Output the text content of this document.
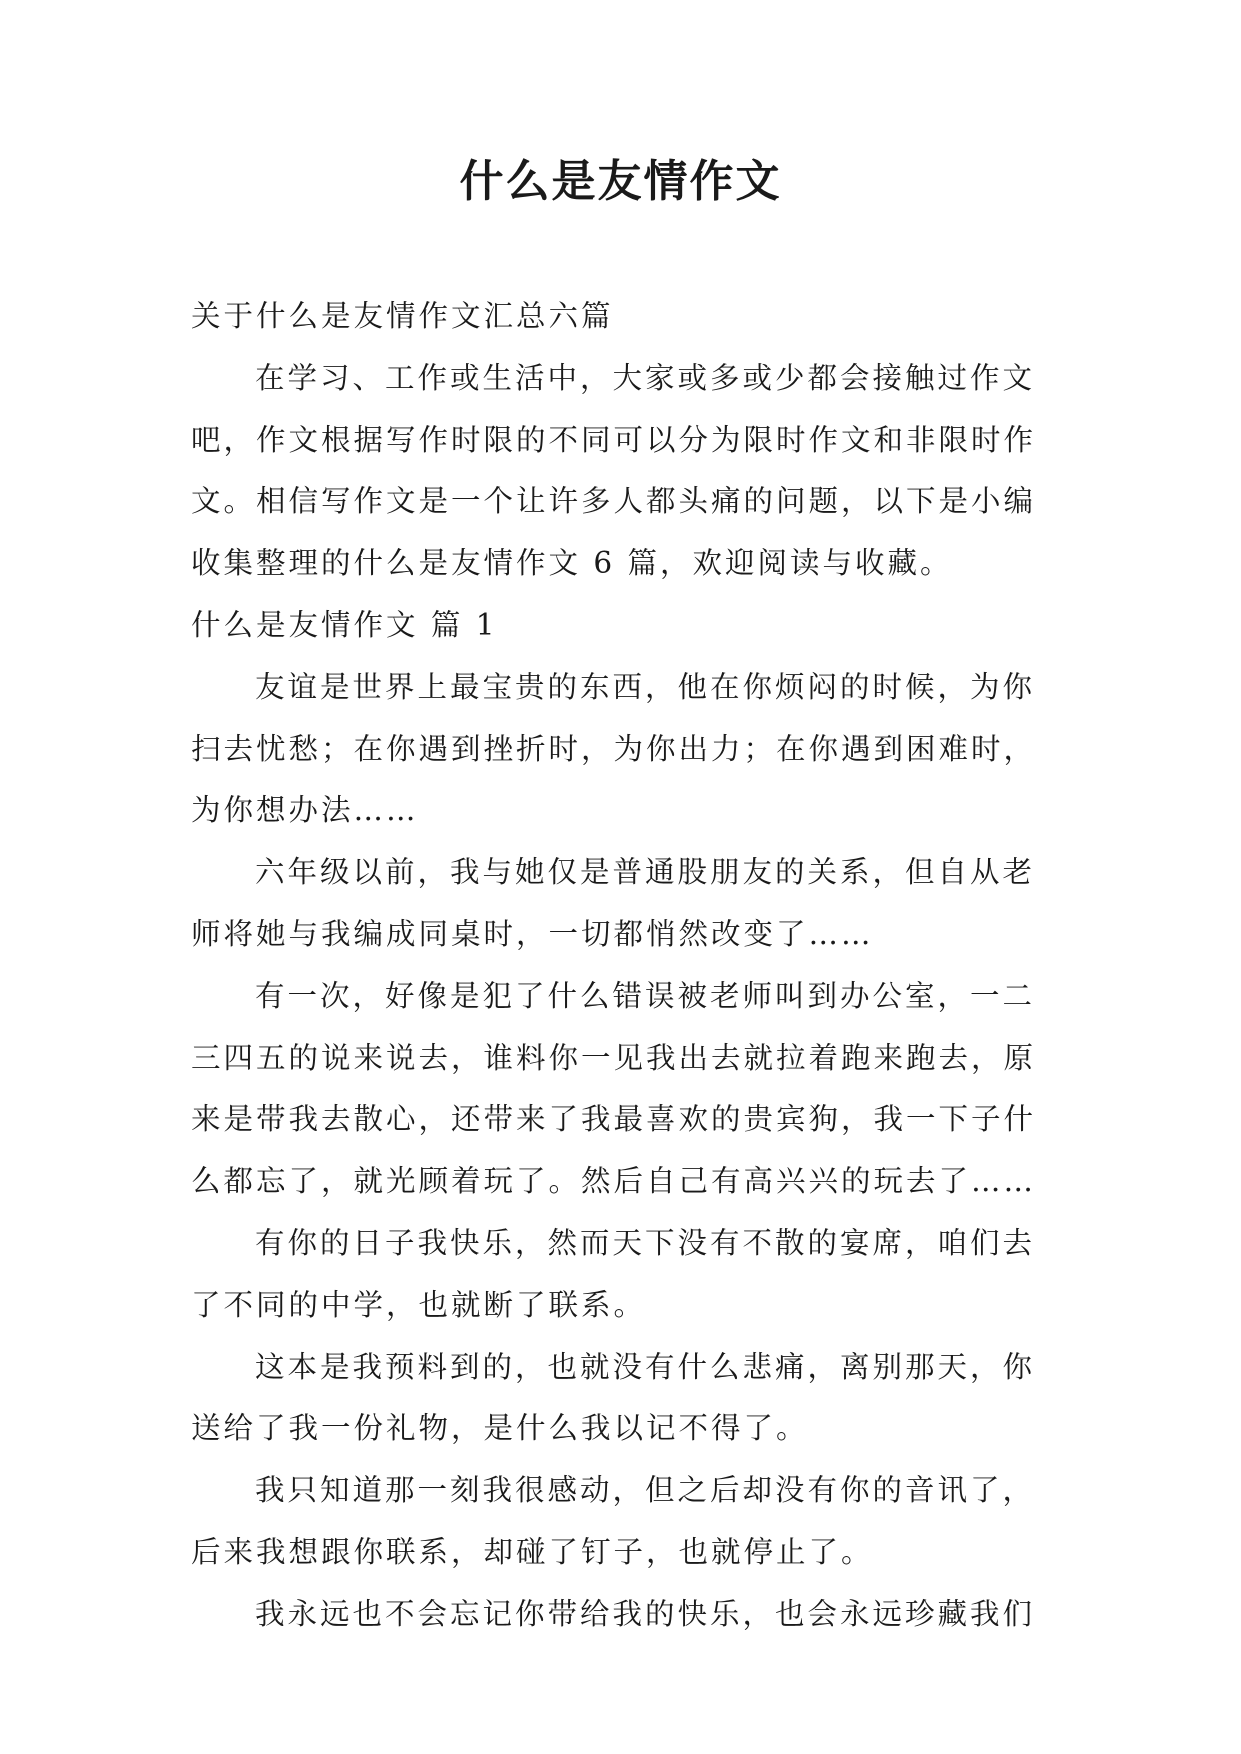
什么是友情作文

关于什么是友情作文汇总六篇

在学习、工作或生活中，大家或多或少都会接触过作文

吧，作文根据写作时限的不同可以分为限时作文和非限时作

文。相信写作文是一个让许多人都头痛的问题，以下是小编

收集整理的什么是友情作文 6 篇，欢迎阅读与收藏。

什么是友情作文 篇 1

友谊是世界上最宝贵的东西，他在你烦闷的时候，为你

扫去忧愁；在你遇到挫折时，为你出力；在你遇到困难时，

为你想办法……

六年级以前，我与她仅是普通股朋友的关系，但自从老

师将她与我编成同桌时，一切都悄然改变了……

有一次，好像是犯了什么错误被老师叫到办公室，一二

三四五的说来说去，谁料你一见我出去就拉着跑来跑去，原

来是带我去散心，还带来了我最喜欢的贵宾狗，我一下子什

么都忘了，就光顾着玩了。然后自己有高兴兴的玩去了……

有你的日子我快乐，然而天下没有不散的宴席，咱们去

了不同的中学，也就断了联系。

这本是我预料到的，也就没有什么悲痛，离别那天，你

送给了我一份礼物，是什么我以记不得了。

我只知道那一刻我很感动，但之后却没有你的音讯了，

后来我想跟你联系，却碰了钉子，也就停止了。

我永远也不会忘记你带给我的快乐，也会永远珍藏我们
